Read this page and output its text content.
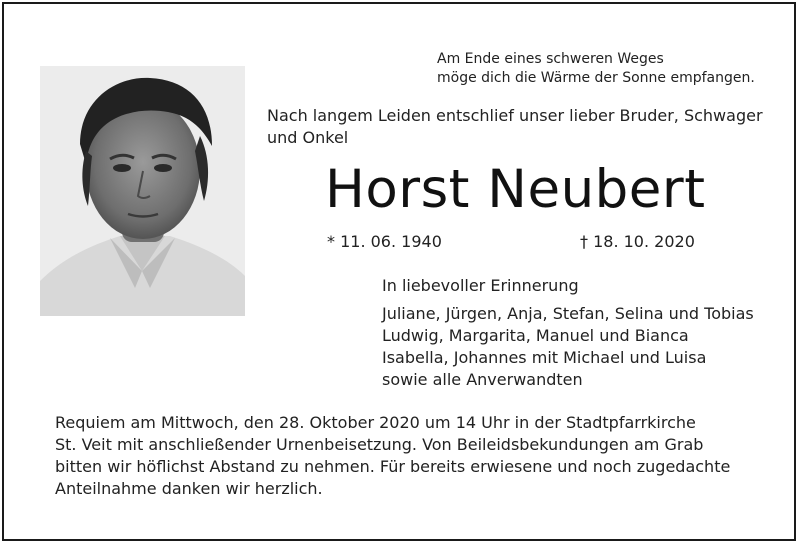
Am Ende eines schweren Weges
möge dich die Wärme der Sonne empfangen.
Nach langem Leiden entschlief unser lieber Bruder, Schwager und Onkel
Horst Neubert
* 11. 06. 1940	† 18. 10. 2020
In liebevoller Erinnerung
Juliane, Jürgen, Anja, Stefan, Selina und Tobias
Ludwig, Margarita, Manuel und Bianca
Isabella, Johannes mit Michael und Luisa
sowie alle Anverwandten
Requiem am Mittwoch, den 28. Oktober 2020 um 14 Uhr in der Stadtpfarrkirche
St. Veit mit anschließender Urnenbeisetzung. Von Beileidsbekundungen am Grab
bitten wir höflichst Abstand zu nehmen. Für bereits erwiesene und noch zugedachte
Anteilnahme danken wir herzlich.
